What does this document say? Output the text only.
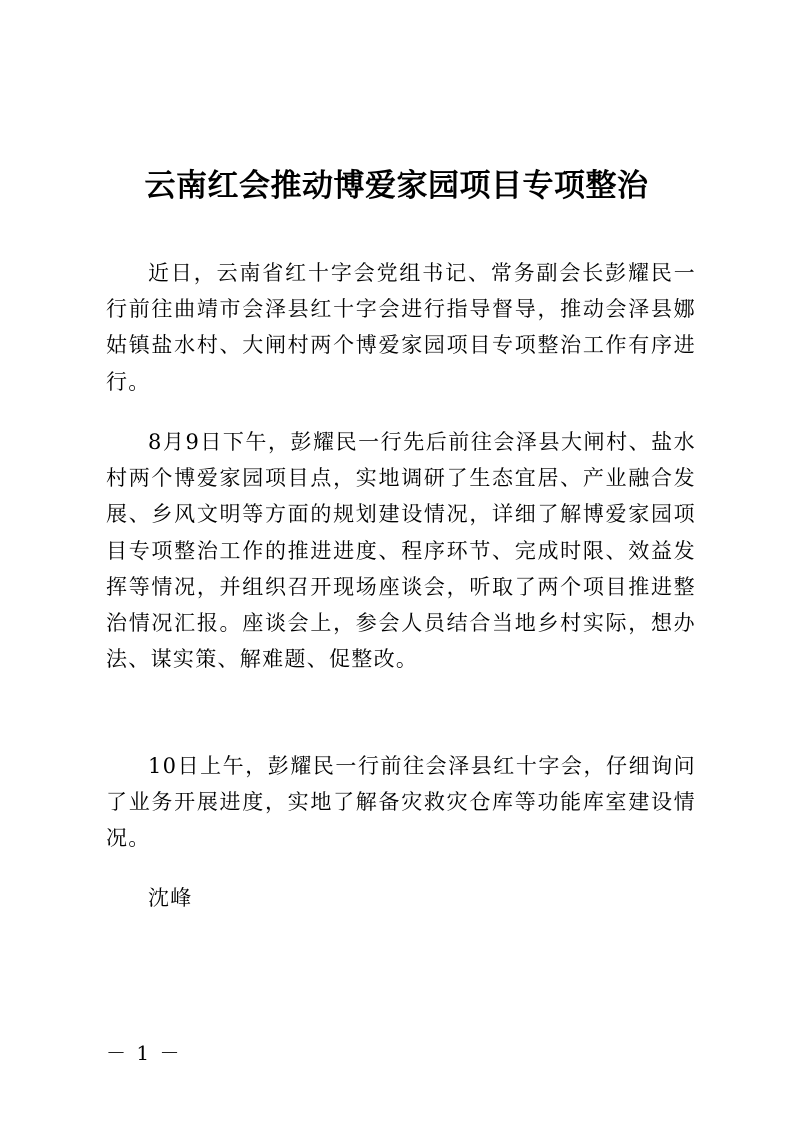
云南红会推动博爱家园项目专项整治

近日，云南省红十字会党组书记、常务副会长彭耀民一行前往曲靖市会泽县红十字会进行指导督导，推动会泽县娜姑镇盐水村、大闸村两个博爱家园项目专项整治工作有序进行。

8月9日下午，彭耀民一行先后前往会泽县大闸村、盐水村两个博爱家园项目点，实地调研了生态宜居、产业融合发展、乡风文明等方面的规划建设情况，详细了解博爱家园项目专项整治工作的推进进度、程序环节、完成时限、效益发挥等情况，并组织召开现场座谈会，听取了两个项目推进整治情况汇报。座谈会上，参会人员结合当地乡村实际，想办法、谋实策、解难题、促整改。

10日上午，彭耀民一行前往会泽县红十字会，仔细询问了业务开展进度，实地了解备灾救灾仓库等功能库室建设情况。

沈峰
－ 1 －
